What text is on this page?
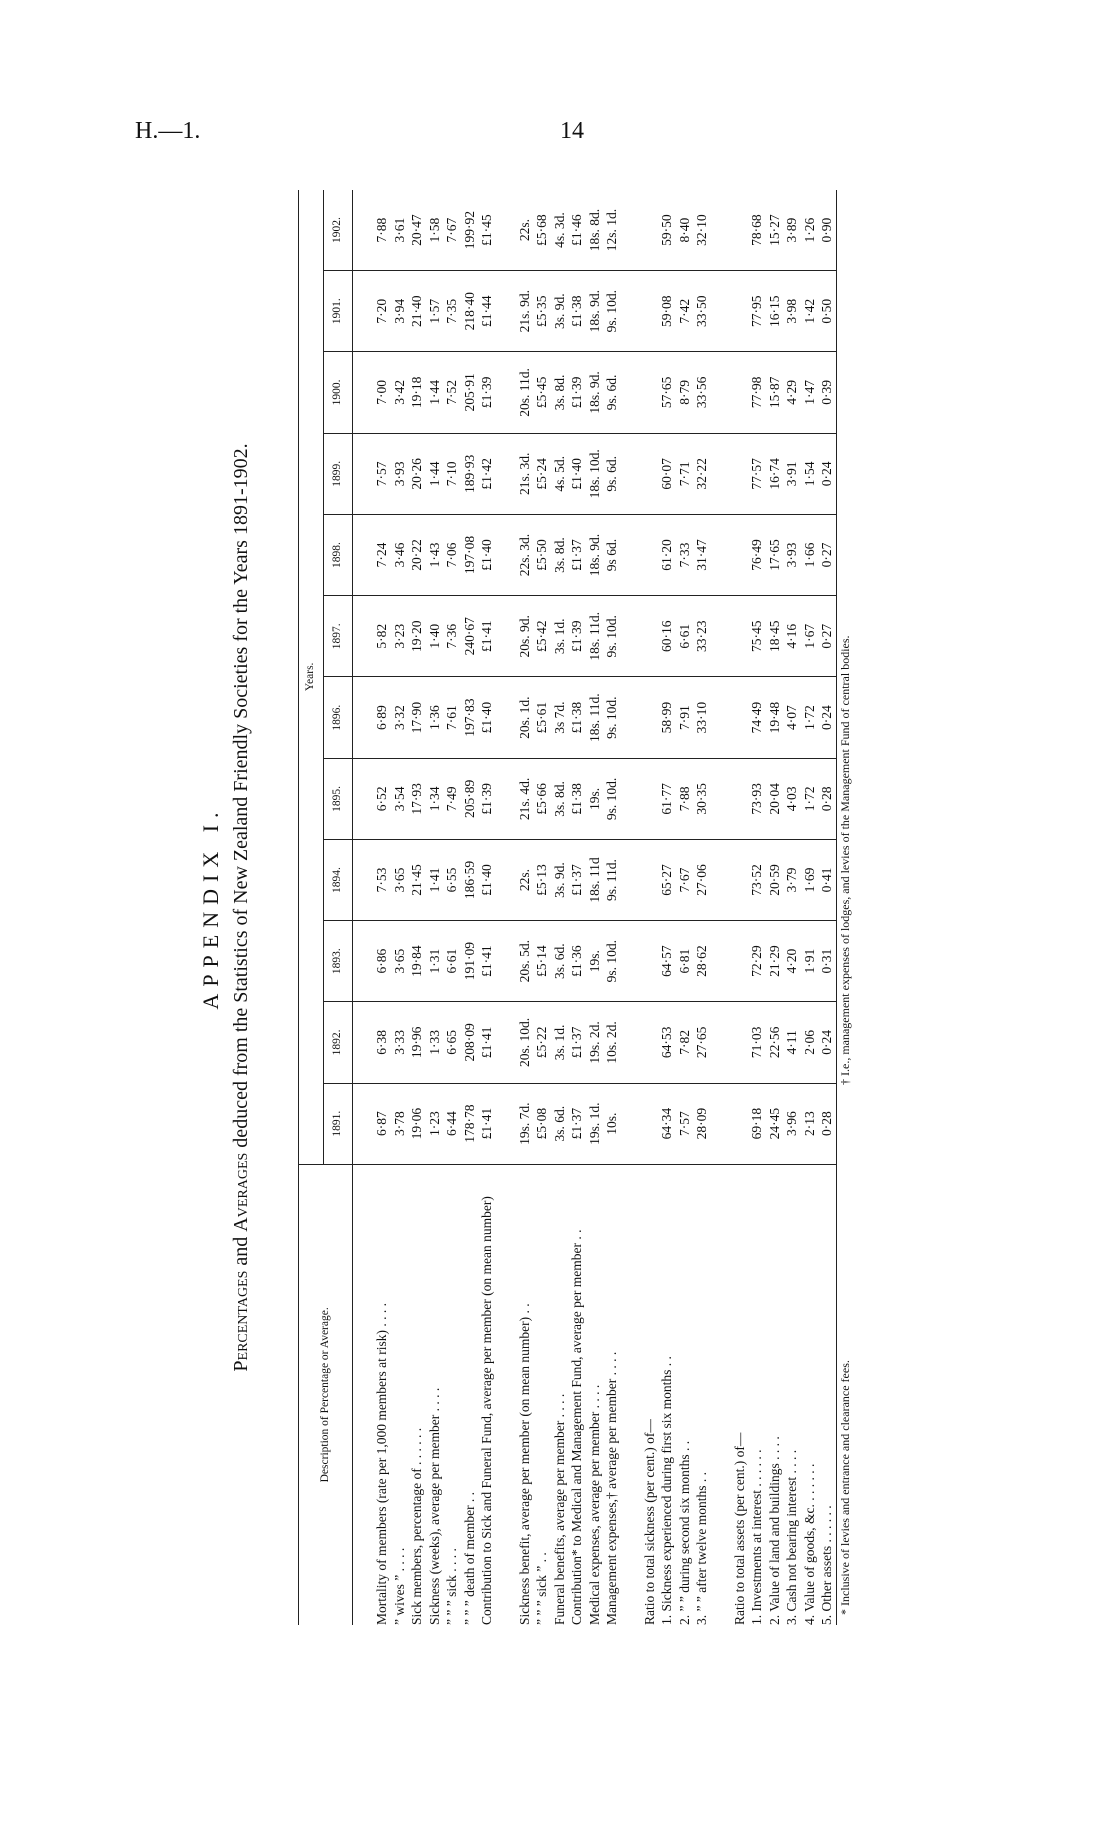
H.—1.	14
APPENDIX I.
Percentages and Averages deduced from the Statistics of New Zealand Friendly Societies for the Years 1891-1902.
Description of Percentage or Average.	Years.											
	1891.	1892.	1893.	1894.	1895.	1896.	1897.	1898.	1899.	1900.	1901.	1902.

Mortality of members (rate per 1,000 members at risk) . . . .	6·87	6·38	6·86	7·53	6·52	6·89	5·82	7·24	7·57	7·00	7·20	7·88
” wives ” . . . .	3·78	3·33	3·65	3·65	3·54	3·32	3·23	3·46	3·93	3·42	3·94	3·61
Sick members, percentage of . . . . . .	19·06	19·96	19·84	21·45	17·93	17·90	19·20	20·22	20·26	19·18	21·40	20·47
Sickness (weeks), average per member . . . .	1·23	1·33	1·31	1·41	1·34	1·36	1·40	1·43	1·44	1·44	1·57	1·58
” ” ” sick . . . .	6·44	6·65	6·61	6·55	7·49	7·61	7·36	7·06	7·10	7·52	7·35	7·67
” ” ” death of member . .	178·78	208·09	191·09	186·59	205·89	197·83	240·67	197·08	189·93	205·91	218·40	199·92
Contribution to Sick and Funeral Fund, average per member (on mean number)	£1·41	£1·41	£1·41	£1·40	£1·39	£1·40	£1·41	£1·40	£1·42	£1·39	£1·44	£1·45

Sickness benefit, average per member (on mean number) . .	19s. 7d.	20s. 10d.	20s. 5d.	22s.	21s. 4d.	20s. 1d.	20s. 9d.	22s. 3d.	21s. 3d.	20s. 11d.	21s. 9d.	22s.
” ” ” sick ” . .	£5·08	£5·22	£5·14	£5·13	£5·66	£5·61	£5·42	£5·50	£5·24	£5·45	£5·35	£5·68
Funeral benefits, average per member . . . .	3s. 6d.	3s. 1d.	3s. 6d.	3s. 9d.	3s. 8d.	3s 7d.	3s. 1d.	3s. 8d.	4s. 5d.	3s. 8d.	3s. 9d.	4s. 3d.
Contribution* to Medical and Management Fund, average per member . .	£1·37	£1·37	£1·36	£1·37	£1·38	£1·38	£1·39	£1·37	£1·40	£1·39	£1·38	£1·46
Medical expenses, average per member . . . .	19s. 1d.	19s. 2d.	19s.	18s. 11d	19s.	18s. 11d.	18s. 11d.	18s. 9d.	18s. 10d.	18s. 9d.	18s. 9d.	18s. 8d.
Management expenses,† average per member . . . .	10s.	10s. 2d.	9s. 10d.	9s. 11d.	9s. 10d.	9s. 10d.	9s. 10d.	9s 6d.	9s. 6d.	9s. 6d.	9s. 10d.	12s. 1d.

Ratio to total sickness (per cent.) of—												
1. Sickness experienced during first six months . .	64·34	64·53	64·57	65·27	61·77	58·99	60·16	61·20	60·07	57·65	59·08	59·50
2. ” ” during second six months . .	7·57	7·82	6·81	7·67	7·88	7·91	6·61	7·33	7·71	8·79	7·42	8·40
3. ” ” after twelve months . .	28·09	27·65	28·62	27·06	30·35	33·10	33·23	31·47	32·22	33·56	33·50	32·10

Ratio to total assets (per cent.) of—												
1. Investments at interest . . . . . .	69·18	71·03	72·29	73·52	73·93	74·49	75·45	76·49	77·57	77·98	77·95	78·68
2. Value of land and buildings . . . .	24·45	22·56	21·29	20·59	20·04	19·48	18·45	17·65	16·74	15·87	16·15	15·27
3. Cash not bearing interest . . . .	3·96	4·11	4·20	3·79	4·03	4·07	4·16	3·93	3·91	4·29	3·98	3·89
4. Value of goods, &c. . . . . . .	2·13	2·06	1·91	1·69	1·72	1·72	1·67	1·66	1·54	1·47	1·42	1·26
5. Other assets . . . . . .	0·28	0·24	0·31	0·41	0·28	0·24	0·27	0·27	0·24	0·39	0·50	0·90
* Inclusive of levies and entrance and clearance fees.
† I.e., management expenses of lodges, and levies of the Management Fund of central bodies.
